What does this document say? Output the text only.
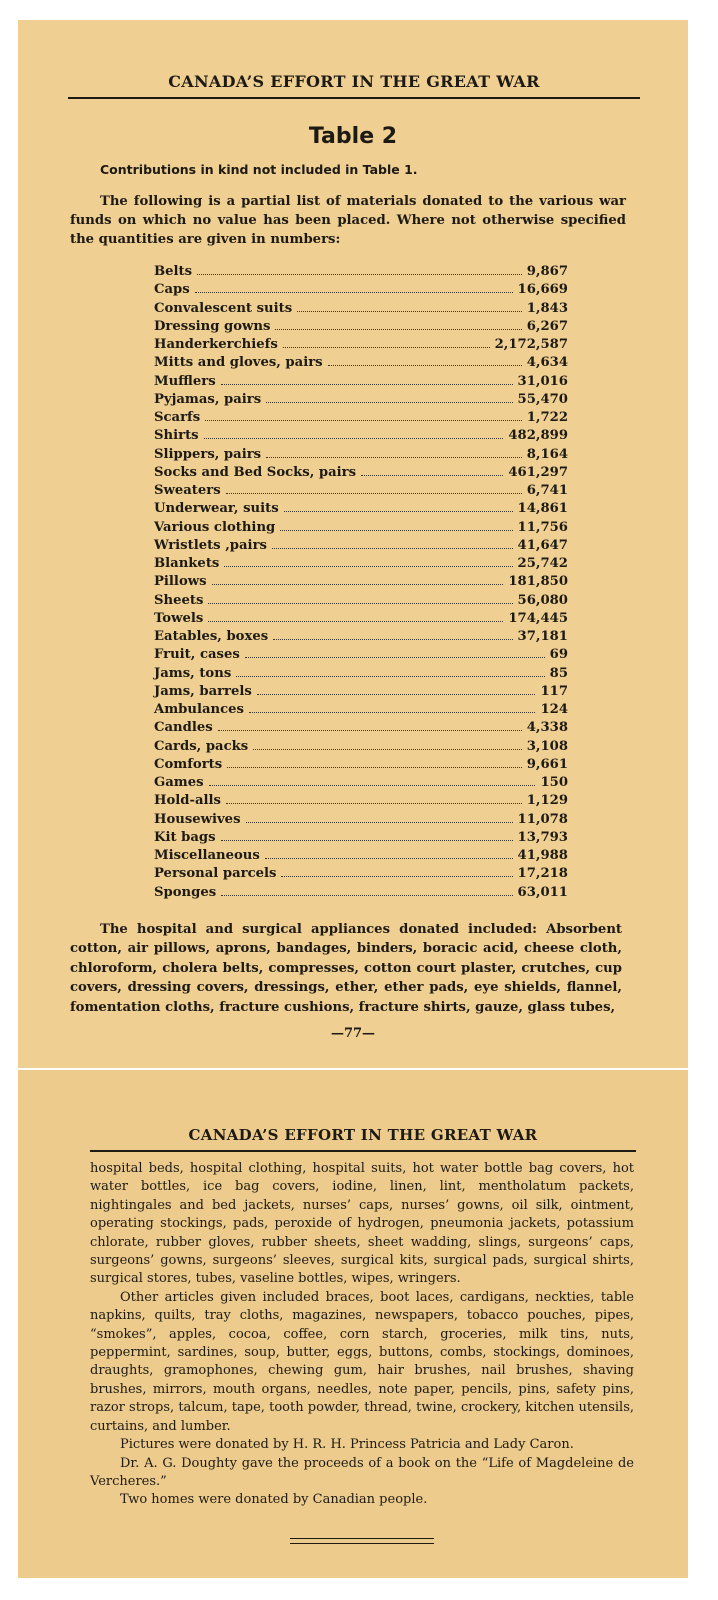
CANADA’S EFFORT IN THE GREAT WAR
Table 2
Contributions in kind not included in Table 1.
The following is a partial list of materials donated to the various war funds on which no value has been placed. Where not otherwise specified the quantities are given in numbers:
Belts	9,867
Caps	16,669
Convalescent suits	1,843
Dressing gowns	6,267
Handerkerchiefs	2,172,587
Mitts and gloves, pairs	4,634
Mufflers	31,016
Pyjamas, pairs	55,470
Scarfs	1,722
Shirts	482,899
Slippers, pairs	8,164
Socks and Bed Socks, pairs	461,297
Sweaters	6,741
Underwear, suits	14,861
Various clothing	11,756
Wristlets ,pairs	41,647
Blankets	25,742
Pillows	181,850
Sheets	56,080
Towels	174,445
Eatables, boxes	37,181
Fruit, cases	69
Jams, tons	85
Jams, barrels	117
Ambulances	124
Candles	4,338
Cards, packs	3,108
Comforts	9,661
Games	150
Hold-alls	1,129
Housewives	11,078
Kit bags	13,793
Miscellaneous	41,988
Personal parcels	17,218
Sponges	63,011
The hospital and surgical appliances donated included: Absorbent cotton, air pillows, aprons, bandages, binders, boracic acid, cheese cloth, chloroform, cholera belts, compresses, cotton court plaster, crutches, cup covers, dressing covers, dressings, ether, ether pads, eye shields, flannel, fomentation cloths, fracture cushions, fracture shirts, gauze, glass tubes,
—77—
CANADA’S EFFORT IN THE GREAT WAR

hospital beds, hospital clothing, hospital suits, hot water bottle bag covers, hot water bottles, ice bag covers, iodine, linen, lint, mentholatum packets, nightingales and bed jackets, nurses’ caps, nurses’ gowns, oil silk, ointment, operating stockings, pads, peroxide of hydrogen, pneumonia jackets, potassium chlorate, rubber gloves, rubber sheets, sheet wadding, slings, surgeons’ caps, surgeons’ gowns, surgeons’ sleeves, surgical kits, surgical pads, surgical shirts, surgical stores, tubes, vaseline bottles, wipes, wringers.

Other articles given included braces, boot laces, cardigans, neckties, table napkins, quilts, tray cloths, magazines, newspapers, tobacco pouches, pipes, “smokes”, apples, cocoa, coffee, corn starch, groceries, milk tins, nuts, peppermint, sardines, soup, butter, eggs, buttons, combs, stockings, dominoes, draughts, gramophones, chewing gum, hair brushes, nail brushes, shaving brushes, mirrors, mouth organs, needles, note paper, pencils, pins, safety pins, razor strops, talcum, tape, tooth powder, thread, twine, crockery, kitchen utensils, curtains, and lumber.

Pictures were donated by H. R. H. Princess Patricia and Lady Caron.

Dr. A. G. Doughty gave the proceeds of a book on the “Life of Magdeleine de Vercheres.”

Two homes were donated by Canadian people.
